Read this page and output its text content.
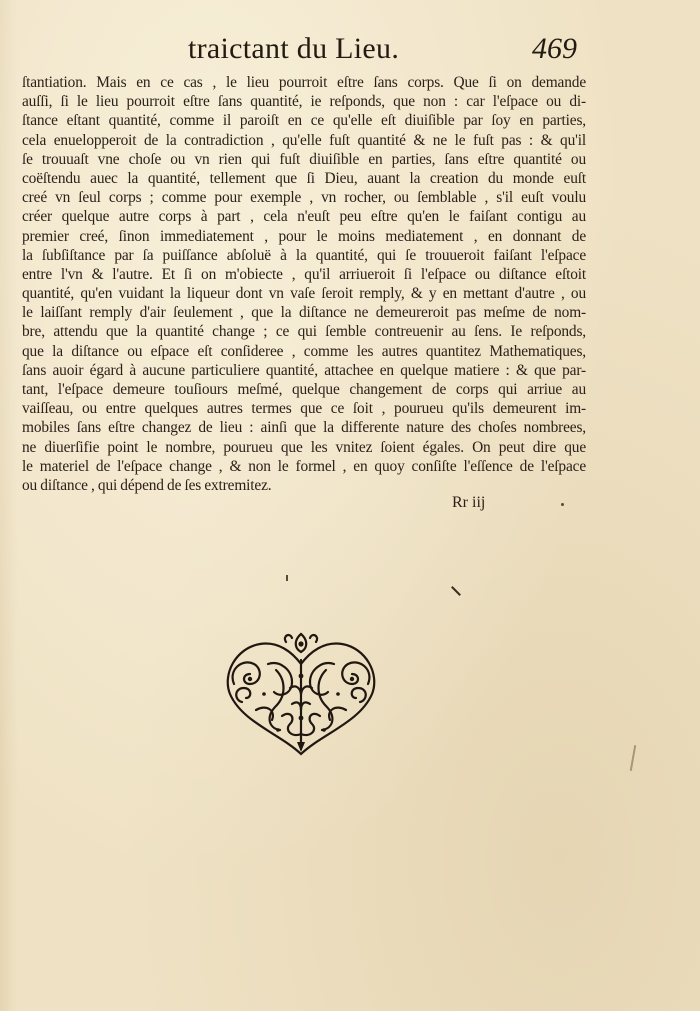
traictant du Lieu.	469
ſtantiation. Mais en ce cas , le lieu pourroit eſtre ſans corps. Que ſi on demande
auſſi, ſi le lieu pourroit eſtre ſans quantité, ie reſponds, que non : car l'eſpace ou di-
ſtance eſtant quantité, comme il paroiſt en ce qu'elle eſt diuiſible par ſoy en parties,
cela enuelopperoit de la contradiction , qu'elle fuſt quantité & ne le fuſt pas : & qu'il
ſe trouuaſt vne choſe ou vn rien qui fuſt diuiſible en parties, ſans eſtre quantité ou
coëſtendu auec la quantité, tellement que ſi Dieu, auant la creation du monde euſt
creé vn ſeul corps ; comme pour exemple , vn rocher, ou ſemblable , s'il euſt voulu
créer quelque autre corps à part , cela n'euſt peu eſtre qu'en le faiſant contigu au
premier creé, ſinon immediatement , pour le moins mediatement , en donnant de
la ſubſiſtance par ſa puiſſance abſoluë à la quantité, qui ſe trouueroit faiſant l'eſpace
entre l'vn & l'autre. Et ſi on m'obiecte , qu'il arriueroit ſi l'eſpace ou diſtance eſtoit
quantité, qu'en vuidant la liqueur dont vn vaſe ſeroit remply, & y en mettant d'autre , ou
le laiſſant remply d'air ſeulement , que la diſtance ne demeureroit pas meſme de nom-
bre, attendu que la quantité change ; ce qui ſemble contreuenir au ſens. Ie reſponds,
que la diſtance ou eſpace eſt conſideree , comme les autres quantitez Mathematiques,
ſans auoir égard à aucune particuliere quantité, attachee en quelque matiere : & que par-
tant, l'eſpace demeure touſiours meſmé, quelque changement de corps qui arriue au
vaiſſeau, ou entre quelques autres termes que ce ſoit , pourueu qu'ils demeurent im-
mobiles ſans eſtre changez de lieu : ainſi que la differente nature des choſes nombrees,
ne diuerſifie point le nombre, pourueu que les vnitez ſoient égales. On peut dire que
le materiel de l'eſpace change , & non le formel , en quoy conſiſte l'eſſence de l'eſpace
ou diſtance , qui dépend de ſes extremitez.
Rr iij
